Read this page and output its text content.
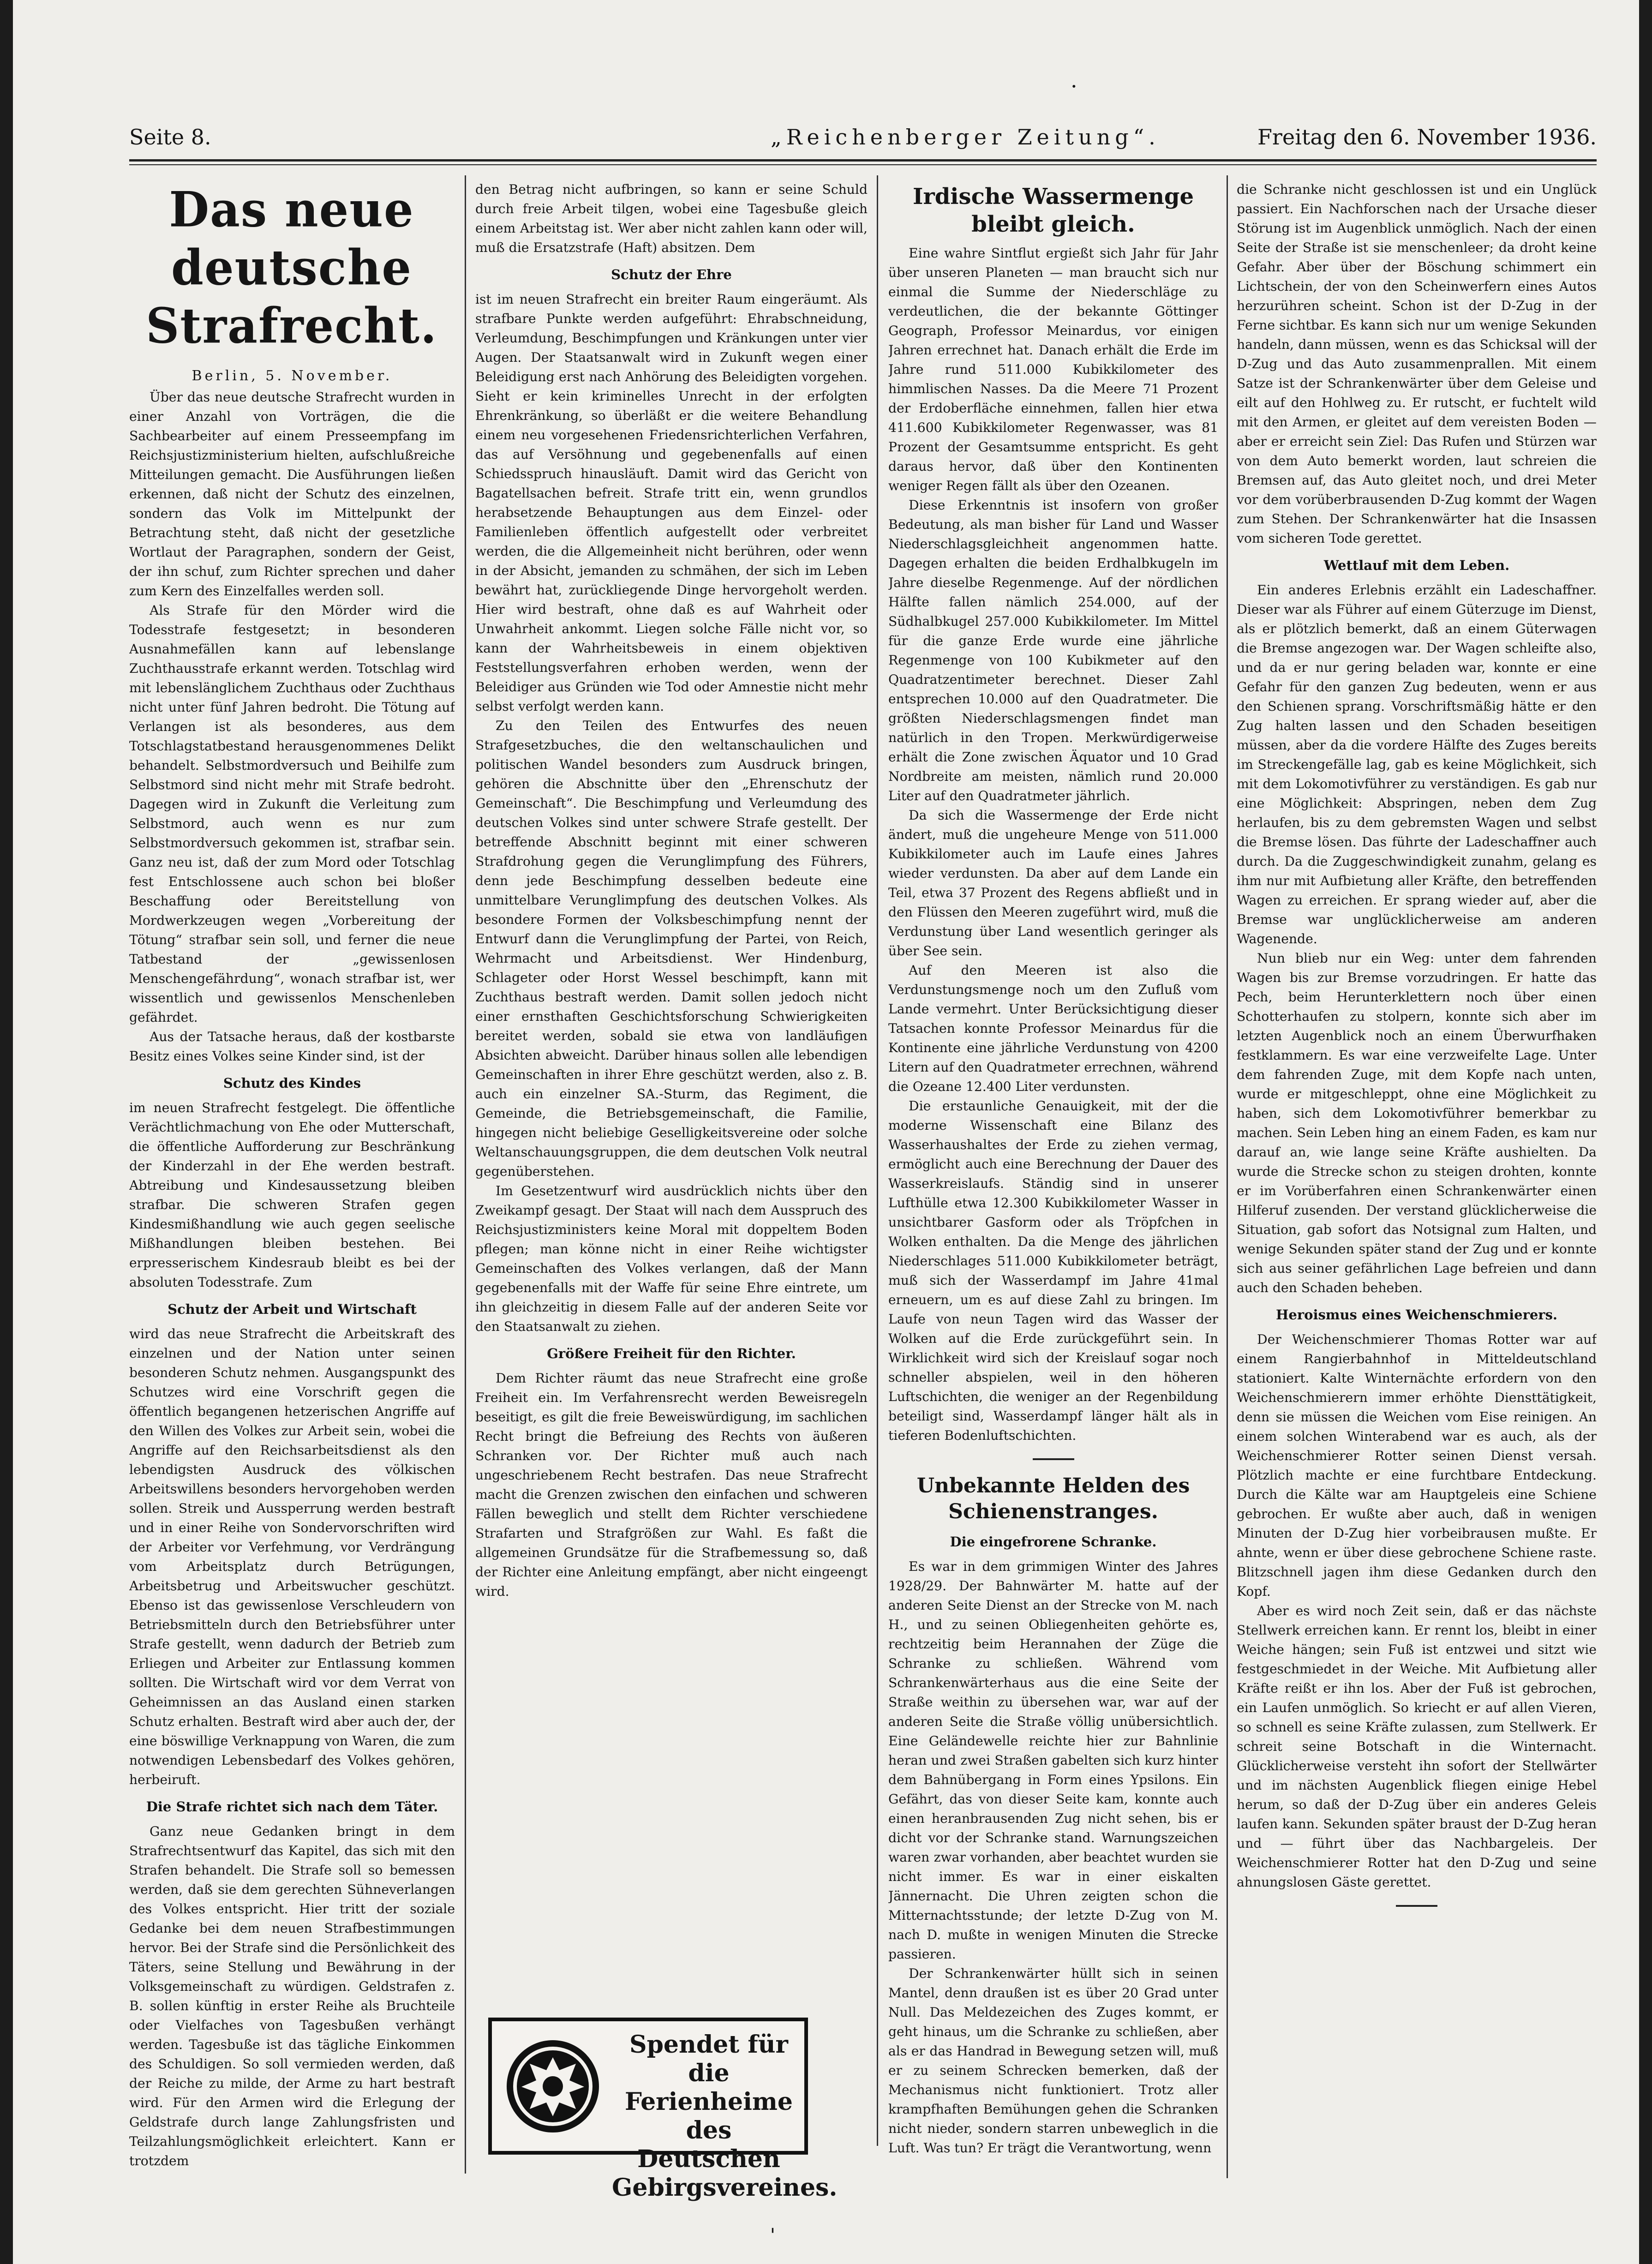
·
Seite 8.	„Reichenberger Zeitung“.	Freitag den 6. November 1936.
Das neue deutsche Strafrecht.
Berlin, 5. November.

Über das neue deutsche Strafrecht wurden in einer Anzahl von Vorträgen, die die Sachbearbeiter auf einem Presseempfang im Reichsjustizministerium hielten, aufschlußreiche Mitteilungen gemacht. Die Ausführungen ließen erkennen, daß nicht der Schutz des einzelnen, sondern das Volk im Mittelpunkt der Betrachtung steht, daß nicht der gesetzliche Wortlaut der Paragraphen, sondern der Geist, der ihn schuf, zum Richter sprechen und daher zum Kern des Einzelfalles werden soll.

Als Strafe für den Mörder wird die Todesstrafe festgesetzt; in besonderen Ausnahmefällen kann auf lebenslange Zuchthausstrafe erkannt werden. Totschlag wird mit lebenslänglichem Zuchthaus oder Zuchthaus nicht unter fünf Jahren bedroht. Die Tötung auf Verlangen ist als besonderes, aus dem Totschlagstatbestand herausgenommenes Delikt behandelt. Selbstmordversuch und Beihilfe zum Selbstmord sind nicht mehr mit Strafe bedroht. Dagegen wird in Zukunft die Verleitung zum Selbstmord, auch wenn es nur zum Selbstmordversuch gekommen ist, strafbar sein. Ganz neu ist, daß der zum Mord oder Totschlag fest Entschlossene auch schon bei bloßer Beschaffung oder Bereitstellung von Mordwerkzeugen wegen „Vorbereitung der Tötung“ strafbar sein soll, und ferner die neue Tatbestand der „gewissenlosen Menschengefährdung“, wonach strafbar ist, wer wissentlich und gewissenlos Menschenleben gefährdet.

Aus der Tatsache heraus, daß der kostbarste Besitz eines Volkes seine Kinder sind, ist der

Schutz des Kindes

im neuen Strafrecht festgelegt. Die öffentliche Verächtlichmachung von Ehe oder Mutterschaft, die öffentliche Aufforderung zur Beschränkung der Kinderzahl in der Ehe werden bestraft. Abtreibung und Kindesaussetzung bleiben strafbar. Die schweren Strafen gegen Kindesmißhandlung wie auch gegen seelische Mißhandlungen bleiben bestehen. Bei erpresserischem Kindesraub bleibt es bei der absoluten Todesstrafe. Zum

Schutz der Arbeit und Wirtschaft

wird das neue Strafrecht die Arbeitskraft des einzelnen und der Nation unter seinen besonderen Schutz nehmen. Ausgangspunkt des Schutzes wird eine Vorschrift gegen die öffentlich begangenen hetzerischen Angriffe auf den Willen des Volkes zur Arbeit sein, wobei die Angriffe auf den Reichsarbeitsdienst als den lebendigsten Ausdruck des völkischen Arbeitswillens besonders hervorgehoben werden sollen. Streik und Aussperrung werden bestraft und in einer Reihe von Sondervorschriften wird der Arbeiter vor Verfehmung, vor Verdrängung vom Arbeitsplatz durch Betrügungen, Arbeitsbetrug und Arbeitswucher geschützt. Ebenso ist das gewissenlose Verschleudern von Betriebsmitteln durch den Betriebsführer unter Strafe gestellt, wenn dadurch der Betrieb zum Erliegen und Arbeiter zur Entlassung kommen sollten. Die Wirtschaft wird vor dem Verrat von Geheimnissen an das Ausland einen starken Schutz erhalten. Bestraft wird aber auch der, der eine böswillige Verknappung von Waren, die zum notwendigen Lebensbedarf des Volkes gehören, herbeiruft.

Die Strafe richtet sich nach dem Täter.

Ganz neue Gedanken bringt in dem Strafrechtsentwurf das Kapitel, das sich mit den Strafen behandelt. Die Strafe soll so bemessen werden, daß sie dem gerechten Sühneverlangen des Volkes entspricht. Hier tritt der soziale Gedanke bei dem neuen Strafbestimmungen hervor. Bei der Strafe sind die Persönlichkeit des Täters, seine Stellung und Bewährung in der Volksgemeinschaft zu würdigen. Geldstrafen z. B. sollen künftig in erster Reihe als Bruchteile oder Vielfaches von Tagesbußen verhängt werden. Tagesbuße ist das tägliche Einkommen des Schuldigen. So soll vermieden werden, daß der Reiche zu milde, der Arme zu hart bestraft wird. Für den Armen wird die Erlegung der Geldstrafe durch lange Zahlungsfristen und Teilzahlungsmöglichkeit erleichtert. Kann er trotzdem

den Betrag nicht aufbringen, so kann er seine Schuld durch freie Arbeit tilgen, wobei eine Tagesbuße gleich einem Arbeitstag ist. Wer aber nicht zahlen kann oder will, muß die Ersatzstrafe (Haft) absitzen. Dem

Schutz der Ehre

ist im neuen Strafrecht ein breiter Raum eingeräumt. Als strafbare Punkte werden aufgeführt: Ehrabschneidung, Verleumdung, Beschimpfungen und Kränkungen unter vier Augen. Der Staatsanwalt wird in Zukunft wegen einer Beleidigung erst nach Anhörung des Beleidigten vorgehen. Sieht er kein kriminelles Unrecht in der erfolgten Ehrenkränkung, so überläßt er die weitere Behandlung einem neu vorgesehenen Friedensrichterlichen Verfahren, das auf Versöhnung und gegebenenfalls auf einen Schiedsspruch hinausläuft. Damit wird das Gericht von Bagatellsachen befreit. Strafe tritt ein, wenn grundlos herabsetzende Behauptungen aus dem Einzel- oder Familienleben öffentlich aufgestellt oder verbreitet werden, die die Allgemeinheit nicht berühren, oder wenn in der Absicht, jemanden zu schmähen, der sich im Leben bewährt hat, zurückliegende Dinge hervorgeholt werden. Hier wird bestraft, ohne daß es auf Wahrheit oder Unwahrheit ankommt. Liegen solche Fälle nicht vor, so kann der Wahrheitsbeweis in einem objektiven Feststellungsverfahren erhoben werden, wenn der Beleidiger aus Gründen wie Tod oder Amnestie nicht mehr selbst verfolgt werden kann.

Zu den Teilen des Entwurfes des neuen Strafgesetzbuches, die den weltanschaulichen und politischen Wandel besonders zum Ausdruck bringen, gehören die Abschnitte über den „Ehrenschutz der Gemeinschaft“. Die Beschimpfung und Verleumdung des deutschen Volkes sind unter schwere Strafe gestellt. Der betreffende Abschnitt beginnt mit einer schweren Strafdrohung gegen die Verunglimpfung des Führers, denn jede Beschimpfung desselben bedeute eine unmittelbare Verunglimpfung des deutschen Volkes. Als besondere Formen der Volksbeschimpfung nennt der Entwurf dann die Verunglimpfung der Partei, von Reich, Wehrmacht und Arbeitsdienst. Wer Hindenburg, Schlageter oder Horst Wessel beschimpft, kann mit Zuchthaus bestraft werden. Damit sollen jedoch nicht einer ernsthaften Geschichtsforschung Schwierigkeiten bereitet werden, sobald sie etwa von landläufigen Absichten abweicht. Darüber hinaus sollen alle lebendigen Gemeinschaften in ihrer Ehre geschützt werden, also z. B. auch ein einzelner SA.-Sturm, das Regiment, die Gemeinde, die Betriebsgemeinschaft, die Familie, hingegen nicht beliebige Geselligkeitsvereine oder solche Weltanschauungsgruppen, die dem deutschen Volk neutral gegenüberstehen.

Im Gesetzentwurf wird ausdrücklich nichts über den Zweikampf gesagt. Der Staat will nach dem Ausspruch des Reichsjustizministers keine Moral mit doppeltem Boden pflegen; man könne nicht in einer Reihe wichtigster Gemeinschaften des Volkes verlangen, daß der Mann gegebenenfalls mit der Waffe für seine Ehre eintrete, um ihn gleichzeitig in diesem Falle auf der anderen Seite vor den Staatsanwalt zu ziehen.

Größere Freiheit für den Richter.

Dem Richter räumt das neue Strafrecht eine große Freiheit ein. Im Verfahrensrecht werden Beweisregeln beseitigt, es gilt die freie Beweiswürdigung, im sachlichen Recht bringt die Befreiung des Rechts von äußeren Schranken vor. Der Richter muß auch nach ungeschriebenem Recht bestrafen. Das neue Strafrecht macht die Grenzen zwischen den einfachen und schweren Fällen beweglich und stellt dem Richter verschiedene Strafarten und Strafgrößen zur Wahl. Es faßt die allgemeinen Grundsätze für die Strafbemessung so, daß der Richter eine Anleitung empfängt, aber nicht eingeengt wird.

Spendet für die
Ferienheime
des Deutschen
Gebirgsvereines.
Irdische Wassermenge bleibt gleich.

Eine wahre Sintflut ergießt sich Jahr für Jahr über unseren Planeten — man braucht sich nur einmal die Summe der Niederschläge zu verdeutlichen, die der bekannte Göttinger Geograph, Professor Meinardus, vor einigen Jahren errechnet hat. Danach erhält die Erde im Jahre rund 511.000 Kubikkilometer des himmlischen Nasses. Da die Meere 71 Prozent der Erdoberfläche einnehmen, fallen hier etwa 411.600 Kubikkilometer Regenwasser, was 81 Prozent der Gesamtsumme entspricht. Es geht daraus hervor, daß über den Kontinenten weniger Regen fällt als über den Ozeanen.

Diese Erkenntnis ist insofern von großer Bedeutung, als man bisher für Land und Wasser Niederschlagsgleichheit angenommen hatte. Dagegen erhalten die beiden Erdhalbkugeln im Jahre dieselbe Regenmenge. Auf der nördlichen Hälfte fallen nämlich 254.000, auf der Südhalbkugel 257.000 Kubikkilometer. Im Mittel für die ganze Erde wurde eine jährliche Regenmenge von 100 Kubikmeter auf den Quadratzentimeter berechnet. Dieser Zahl entsprechen 10.000 auf den Quadratmeter. Die größten Niederschlagsmengen findet man natürlich in den Tropen. Merkwürdigerweise erhält die Zone zwischen Äquator und 10 Grad Nordbreite am meisten, nämlich rund 20.000 Liter auf den Quadratmeter jährlich.

Da sich die Wassermenge der Erde nicht ändert, muß die ungeheure Menge von 511.000 Kubikkilometer auch im Laufe eines Jahres wieder verdunsten. Da aber auf dem Lande ein Teil, etwa 37 Prozent des Regens abfließt und in den Flüssen den Meeren zugeführt wird, muß die Verdunstung über Land wesentlich geringer als über See sein.

Auf den Meeren ist also die Verdunstungsmenge noch um den Zufluß vom Lande vermehrt. Unter Berücksichtigung dieser Tatsachen konnte Professor Meinardus für die Kontinente eine jährliche Verdunstung von 4200 Litern auf den Quadratmeter errechnen, während die Ozeane 12.400 Liter verdunsten.

Die erstaunliche Genauigkeit, mit der die moderne Wissenschaft eine Bilanz des Wasserhaushaltes der Erde zu ziehen vermag, ermöglicht auch eine Berechnung der Dauer des Wasserkreislaufs. Ständig sind in unserer Lufthülle etwa 12.300 Kubikkilometer Wasser in unsichtbarer Gasform oder als Tröpfchen in Wolken enthalten. Da die Menge des jährlichen Niederschlages 511.000 Kubikkilometer beträgt, muß sich der Wasserdampf im Jahre 41mal erneuern, um es auf diese Zahl zu bringen. Im Laufe von neun Tagen wird das Wasser der Wolken auf die Erde zurückgeführt sein. In Wirklichkeit wird sich der Kreislauf sogar noch schneller abspielen, weil in den höheren Luftschichten, die weniger an der Regenbildung beteiligt sind, Wasserdampf länger hält als in tieferen Bodenluftschichten.

Unbekannte Helden des
Schienenstranges.
Die eingefrorene Schranke.

Es war in dem grimmigen Winter des Jahres 1928/29. Der Bahnwärter M. hatte auf der anderen Seite Dienst an der Strecke von M. nach H., und zu seinen Obliegenheiten gehörte es, rechtzeitig beim Herannahen der Züge die Schranke zu schließen. Während vom Schrankenwärterhaus aus die eine Seite der Straße weithin zu übersehen war, war auf der anderen Seite die Straße völlig unübersichtlich. Eine Geländewelle reichte hier zur Bahnlinie heran und zwei Straßen gabelten sich kurz hinter dem Bahnübergang in Form eines Ypsilons. Ein Gefährt, das von dieser Seite kam, konnte auch einen heranbrausenden Zug nicht sehen, bis er dicht vor der Schranke stand. Warnungszeichen waren zwar vorhanden, aber beachtet wurden sie nicht immer. Es war in einer eiskalten Jännernacht. Die Uhren zeigten schon die Mitternachtsstunde; der letzte D-Zug von M. nach D. mußte in wenigen Minuten die Strecke passieren.

Der Schrankenwärter hüllt sich in seinen Mantel, denn draußen ist es über 20 Grad unter Null. Das Meldezeichen des Zuges kommt, er geht hinaus, um die Schranke zu schließen, aber als er das Handrad in Bewegung setzen will, muß er zu seinem Schrecken bemerken, daß der Mechanismus nicht funktioniert. Trotz aller krampfhaften Bemühungen gehen die Schranken nicht nieder, sondern starren unbeweglich in die Luft. Was tun? Er trägt die Verantwortung, wenn

die Schranke nicht geschlossen ist und ein Unglück passiert. Ein Nachforschen nach der Ursache dieser Störung ist im Augenblick unmöglich. Nach der einen Seite der Straße ist sie menschenleer; da droht keine Gefahr. Aber über der Böschung schimmert ein Lichtschein, der von den Scheinwerfern eines Autos herzurühren scheint. Schon ist der D-Zug in der Ferne sichtbar. Es kann sich nur um wenige Sekunden handeln, dann müssen, wenn es das Schicksal will der D-Zug und das Auto zusammenprallen. Mit einem Satze ist der Schrankenwärter über dem Geleise und eilt auf den Hohlweg zu. Er rutscht, er fuchtelt wild mit den Armen, er gleitet auf dem vereisten Boden — aber er erreicht sein Ziel: Das Rufen und Stürzen war von dem Auto bemerkt worden, laut schreien die Bremsen auf, das Auto gleitet noch, und drei Meter vor dem vorüberbrausenden D-Zug kommt der Wagen zum Stehen. Der Schrankenwärter hat die Insassen vom sicheren Tode gerettet.

Wettlauf mit dem Leben.

Ein anderes Erlebnis erzählt ein Ladeschaffner. Dieser war als Führer auf einem Güterzuge im Dienst, als er plötzlich bemerkt, daß an einem Güterwagen die Bremse angezogen war. Der Wagen schleifte also, und da er nur gering beladen war, konnte er eine Gefahr für den ganzen Zug bedeuten, wenn er aus den Schienen sprang. Vorschriftsmäßig hätte er den Zug halten lassen und den Schaden beseitigen müssen, aber da die vordere Hälfte des Zuges bereits im Streckengefälle lag, gab es keine Möglichkeit, sich mit dem Lokomotivführer zu verständigen. Es gab nur eine Möglichkeit: Abspringen, neben dem Zug herlaufen, bis zu dem gebremsten Wagen und selbst die Bremse lösen. Das führte der Ladeschaffner auch durch. Da die Zuggeschwindigkeit zunahm, gelang es ihm nur mit Aufbietung aller Kräfte, den betreffenden Wagen zu erreichen. Er sprang wieder auf, aber die Bremse war unglücklicherweise am anderen Wagenende.

Nun blieb nur ein Weg: unter dem fahrenden Wagen bis zur Bremse vorzudringen. Er hatte das Pech, beim Herunterklettern noch über einen Schotterhaufen zu stolpern, konnte sich aber im letzten Augenblick noch an einem Überwurfhaken festklammern. Es war eine verzweifelte Lage. Unter dem fahrenden Zuge, mit dem Kopfe nach unten, wurde er mitgeschleppt, ohne eine Möglichkeit zu haben, sich dem Lokomotivführer bemerkbar zu machen. Sein Leben hing an einem Faden, es kam nur darauf an, wie lange seine Kräfte aushielten. Da wurde die Strecke schon zu steigen drohten, konnte er im Vorüberfahren einen Schrankenwärter einen Hilferuf zusenden. Der verstand glücklicherweise die Situation, gab sofort das Notsignal zum Halten, und wenige Sekunden später stand der Zug und er konnte sich aus seiner gefährlichen Lage befreien und dann auch den Schaden beheben.

Heroismus eines Weichenschmierers.

Der Weichenschmierer Thomas Rotter war auf einem Rangierbahnhof in Mitteldeutschland stationiert. Kalte Winternächte erfordern von den Weichenschmierern immer erhöhte Diensttätigkeit, denn sie müssen die Weichen vom Eise reinigen. An einem solchen Winterabend war es auch, als der Weichenschmierer Rotter seinen Dienst versah. Plötzlich machte er eine furchtbare Entdeckung. Durch die Kälte war am Hauptgeleis eine Schiene gebrochen. Er wußte aber auch, daß in wenigen Minuten der D-Zug hier vorbeibrausen mußte. Er ahnte, wenn er über diese gebrochene Schiene raste. Blitzschnell jagen ihm diese Gedanken durch den Kopf.

Aber es wird noch Zeit sein, daß er das nächste Stellwerk erreichen kann. Er rennt los, bleibt in einer Weiche hängen; sein Fuß ist entzwei und sitzt wie festgeschmiedet in der Weiche. Mit Aufbietung aller Kräfte reißt er ihn los. Aber der Fuß ist gebrochen, ein Laufen unmöglich. So kriecht er auf allen Vieren, so schnell es seine Kräfte zulassen, zum Stellwerk. Er schreit seine Botschaft in die Winternacht. Glücklicherweise versteht ihn sofort der Stellwärter und im nächsten Augenblick fliegen einige Hebel herum, so daß der D-Zug über ein anderes Geleis laufen kann. Sekunden später braust der D-Zug heran und — führt über das Nachbargeleis. Der Weichenschmierer Rotter hat den D-Zug und seine ahnungslosen Gäste gerettet.

ˌ
